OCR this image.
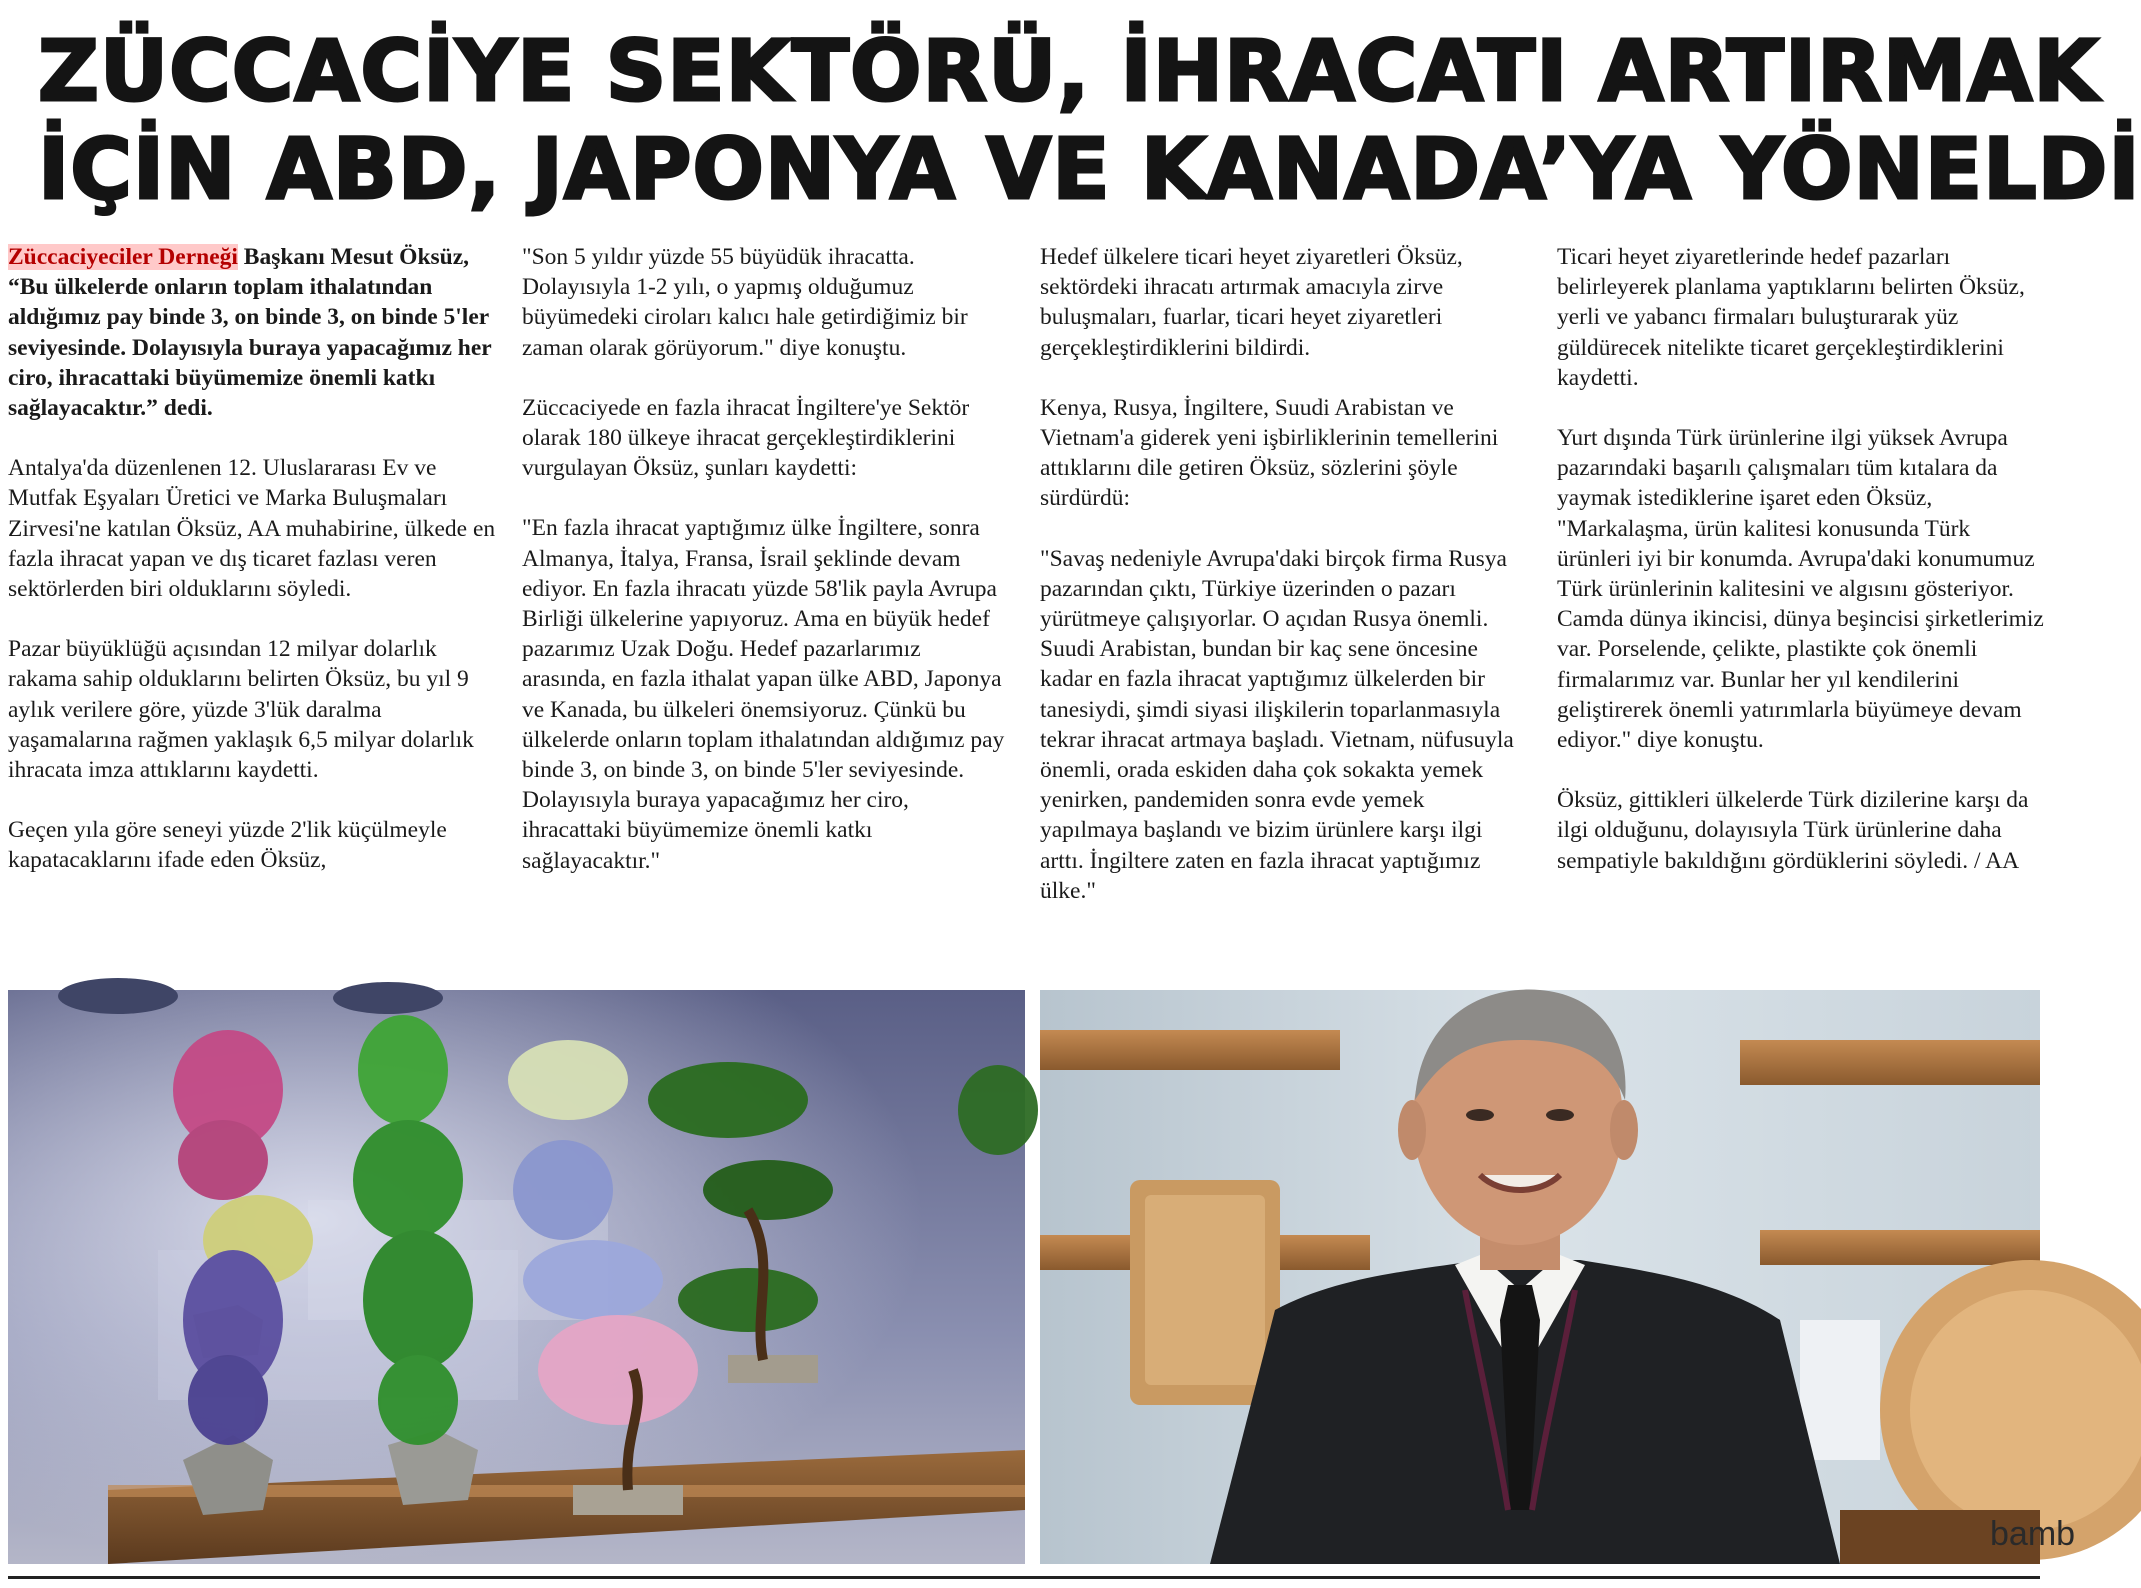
ZÜCCACİYE SEKTÖRÜ, İHRACATI ARTIRMAK
İÇİN ABD, JAPONYA VE KANADA’YA YÖNELDİ

Züccaciyeciler Derneği Başkanı Mesut Öksüz, “Bu ülkelerde onların toplam ithalatından aldığımız pay binde 3, on binde 3, on binde 5'ler seviyesinde. Dolayısıyla buraya yapacağımız her ciro, ihracattaki büyümemize önemli katkı sağlayacaktır.” dedi.

Antalya'da düzenlenen 12. Uluslararası Ev ve Mutfak Eşyaları Üretici ve Marka Buluşmaları Zirvesi'ne katılan Öksüz, AA muhabirine, ülkede en fazla ihracat yapan ve dış ticaret fazlası veren sektörlerden biri olduklarını söyledi.

Pazar büyüklüğü açısından 12 milyar dolarlık rakama sahip olduklarını belirten Öksüz, bu yıl 9 aylık verilere göre, yüzde 3'lük daralma yaşamalarına rağmen yaklaşık 6,5 milyar dolarlık ihracata imza attıklarını kaydetti.

Geçen yıla göre seneyi yüzde 2'lik küçülmeyle kapatacaklarını ifade eden Öksüz,

"Son 5 yıldır yüzde 55 büyüdük ihracatta. Dolayısıyla 1-2 yılı, o yapmış olduğumuz büyümedeki ciroları kalıcı hale getirdiğimiz bir zaman olarak görüyorum." diye konuştu.

Züccaciyede en fazla ihracat İngiltere'ye Sektör olarak 180 ülkeye ihracat gerçekleştirdiklerini vurgulayan Öksüz, şunları kaydetti:

"En fazla ihracat yaptığımız ülke İngiltere, sonra Almanya, İtalya, Fransa, İsrail şeklinde devam ediyor. En fazla ihracatı yüzde 58'lik payla Avrupa Birliği ülkelerine yapıyoruz. Ama en büyük hedef pazarımız Uzak Doğu. Hedef pazarlarımız arasında, en fazla ithalat yapan ülke ABD, Japonya ve Kanada, bu ülkeleri önemsiyoruz. Çünkü bu ülkelerde onların toplam ithalatından aldığımız pay binde 3, on binde 3, on binde 5'ler seviyesinde. Dolayısıyla buraya yapacağımız her ciro, ihracattaki büyümemize önemli katkı sağlayacaktır."

Hedef ülkelere ticari heyet ziyaretleri Öksüz, sektördeki ihracatı artırmak amacıyla zirve buluşmaları, fuarlar, ticari heyet ziyaretleri gerçekleştirdiklerini bildirdi.

Kenya, Rusya, İngiltere, Suudi Arabistan ve Vietnam'a giderek yeni işbirliklerinin temellerini attıklarını dile getiren Öksüz, sözlerini şöyle sürdürdü:

"Savaş nedeniyle Avrupa'daki birçok firma Rusya pazarından çıktı, Türkiye üzerinden o pazarı yürütmeye çalışıyorlar. O açıdan Rusya önemli. Suudi Arabistan, bundan bir kaç sene öncesine kadar en fazla ihracat yaptığımız ülkelerden bir tanesiydi, şimdi siyasi ilişkilerin toparlanmasıyla tekrar ihracat artmaya başladı. Vietnam, nüfusuyla önemli, orada eskiden daha çok sokakta yemek yenirken, pandemiden sonra evde yemek yapılmaya başlandı ve bizim ürünlere karşı ilgi arttı. İngiltere zaten en fazla ihracat yaptığımız ülke."

Ticari heyet ziyaretlerinde hedef pazarları belirleyerek planlama yaptıklarını belirten Öksüz, yerli ve yabancı firmaları buluşturarak yüz güldürecek nitelikte ticaret gerçekleştirdiklerini kaydetti.

Yurt dışında Türk ürünlerine ilgi yüksek Avrupa pazarındaki başarılı çalışmaları tüm kıtalara da yaymak istediklerine işaret eden Öksüz, "Markalaşma, ürün kalitesi konusunda Türk ürünleri iyi bir konumda. Avrupa'daki konumumuz Türk ürünlerinin kalitesini ve algısını gösteriyor. Camda dünya ikincisi, dünya beşincisi şirketlerimiz var. Porselende, çelikte, plastikte çok önemli firmalarımız var. Bunlar her yıl kendilerini geliştirerek önemli yatırımlarla büyümeye devam ediyor." diye konuştu.

Öksüz, gittikleri ülkelerde Türk dizilerine karşı da ilgi olduğunu, dolayısıyla Türk ürünlerine daha sempatiyle bakıldığını gördüklerini söyledi. / AA

bamb
